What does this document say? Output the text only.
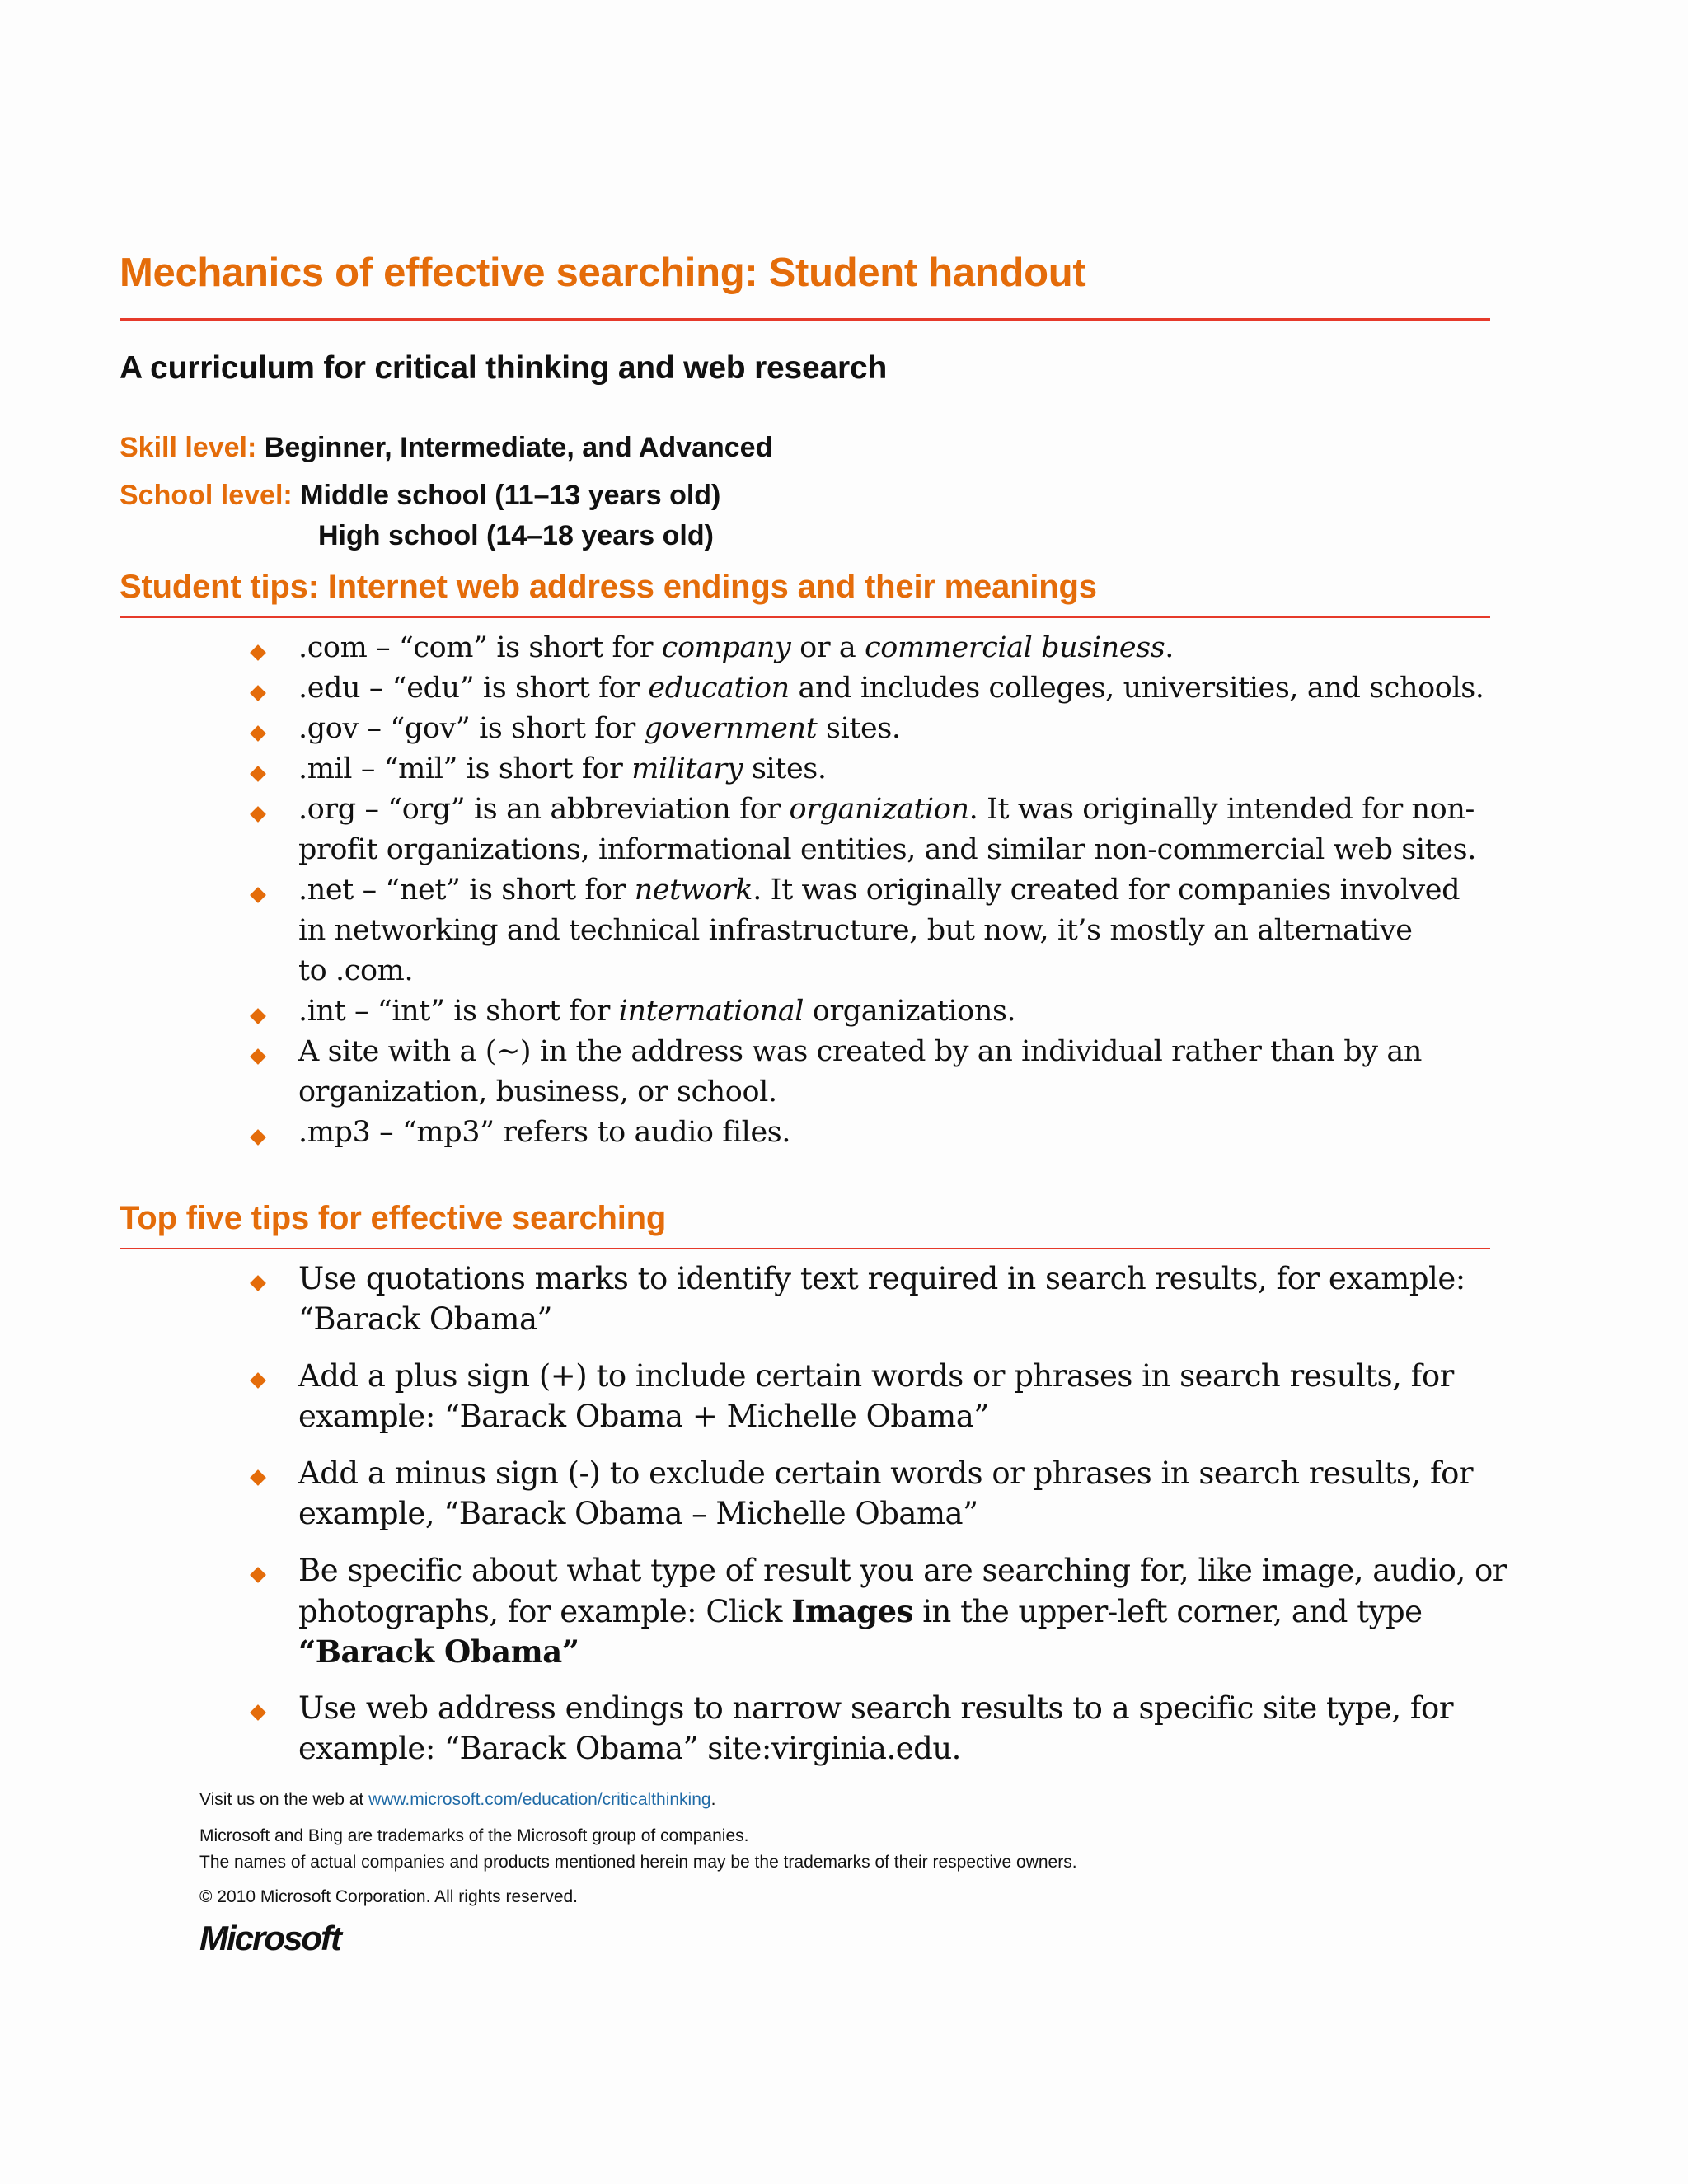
Mechanics of effective searching: Student handout
A curriculum for critical thinking and web research
Skill level: Beginner, Intermediate, and Advanced
School level: Middle school (11–13 years old)
High school (14–18 years old)
Student tips: Internet web address endings and their meanings
.com – “com” is short for company or a commercial business.
.edu – “edu” is short for education and includes colleges, universities, and schools.
.gov – “gov” is short for government sites.
.mil – “mil” is short for military sites.
.org – “org” is an abbreviation for organization. It was originally intended for non-
profit organizations, informational entities, and similar non-commercial web sites.
.net – “net” is short for network. It was originally created for companies involved
in networking and technical infrastructure, but now, it’s mostly an alternative
to .com.
.int – “int” is short for international organizations.
A site with a (~) in the address was created by an individual rather than by an
organization, business, or school.
.mp3 – “mp3” refers to audio files.
Top five tips for effective searching
Use quotations marks to identify text required in search results, for example:
“Barack Obama”
Add a plus sign (+) to include certain words or phrases in search results, for
example: “Barack Obama + Michelle Obama”
Add a minus sign (-) to exclude certain words or phrases in search results, for
example, “Barack Obama – Michelle Obama”
Be specific about what type of result you are searching for, like image, audio, or
photographs, for example: Click Images in the upper-left corner, and type
“Barack Obama”
Use web address endings to narrow search results to a specific site type, for
example: “Barack Obama” site:virginia.edu.
Visit us on the web at www.microsoft.com/education/criticalthinking.
Microsoft and Bing are trademarks of the Microsoft group of companies.
The names of actual companies and products mentioned herein may be the trademarks of their respective owners.
© 2010 Microsoft Corporation. All rights reserved.
Microsoft
